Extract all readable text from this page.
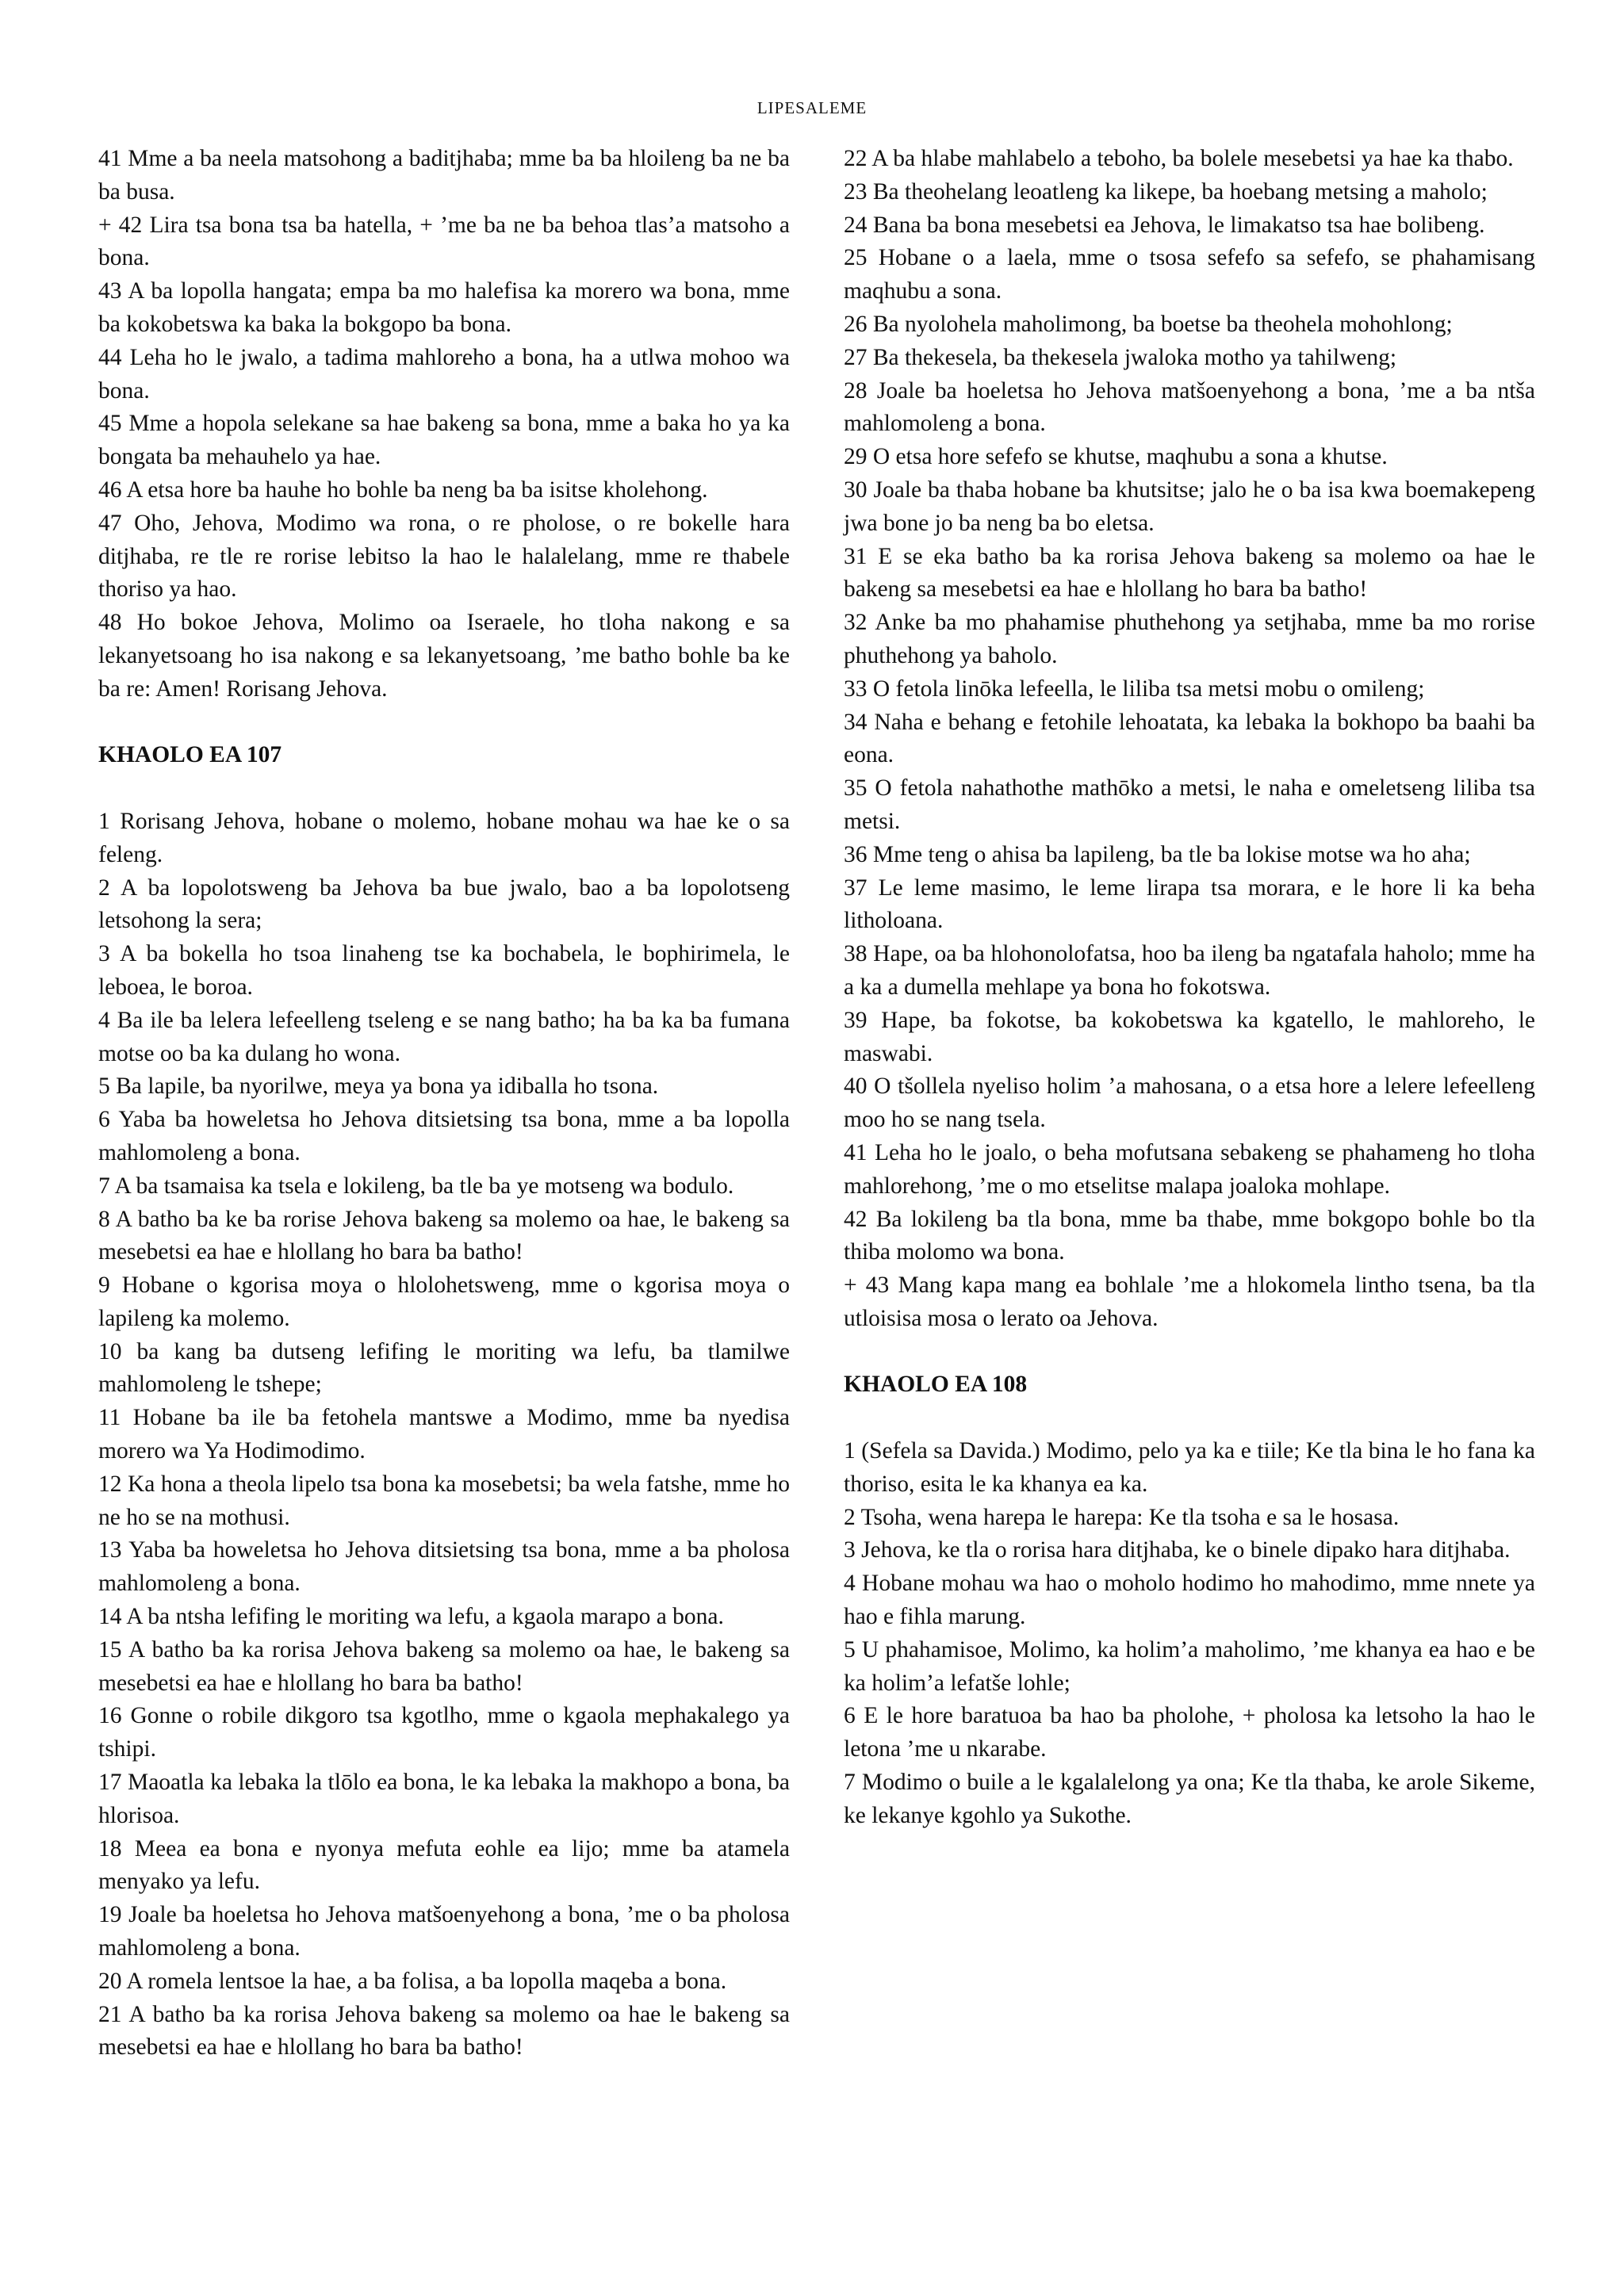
LIPESALEME

41 Mme a ba neela matsohong a baditjhaba; mme ba ba hloileng ba ne ba ba busa.

+ 42 Lira tsa bona tsa ba hatella, + ’me ba ne ba behoa tlas’a matsoho a bona.

43 A ba lopolla hangata; empa ba mo halefisa ka morero wa bona, mme ba kokobetswa ka baka la bokgopo ba bona.

44 Leha ho le jwalo, a tadima mahloreho a bona, ha a utlwa mohoo wa bona.

45 Mme a hopola selekane sa hae bakeng sa bona, mme a baka ho ya ka bongata ba mehauhelo ya hae.

46 A etsa hore ba hauhe ho bohle ba neng ba ba isitse kholehong.

47 Oho, Jehova, Modimo wa rona, o re pholose, o re bokelle hara ditjhaba, re tle re rorise lebitso la hao le halalelang, mme re thabele thoriso ya hao.

48 Ho bokoe Jehova, Molimo oa Iseraele, ho tloha nakong e sa lekanyetsoang ho isa nakong e sa lekanyetsoang, ’me batho bohle ba ke ba re: Amen! Rorisang Jehova.

KHAOLO EA 107

1 Rorisang Jehova, hobane o molemo, hobane mohau wa hae ke o sa feleng.

2 A ba lopolotsweng ba Jehova ba bue jwalo, bao a ba lopolotseng letsohong la sera;

3 A ba bokella ho tsoa linaheng tse ka bochabela, le bophirimela, le leboea, le boroa.

4 Ba ile ba lelera lefeelleng tseleng e se nang batho; ha ba ka ba fumana motse oo ba ka dulang ho wona.

5 Ba lapile, ba nyorilwe, meya ya bona ya idiballa ho tsona.

6 Yaba ba howeletsa ho Jehova ditsietsing tsa bona, mme a ba lopolla mahlomoleng a bona.

7 A ba tsamaisa ka tsela e lokileng, ba tle ba ye motseng wa bodulo.

8 A batho ba ke ba rorise Jehova bakeng sa molemo oa hae, le bakeng sa mesebetsi ea hae e hlollang ho bara ba batho!

9 Hobane o kgorisa moya o hlolohetsweng, mme o kgorisa moya o lapileng ka molemo.

10 ba kang ba dutseng lefifing le moriting wa lefu, ba tlamilwe mahlomoleng le tshepe;

11 Hobane ba ile ba fetohela mantswe a Modimo, mme ba nyedisa morero wa Ya Hodimodimo.

12 Ka hona a theola lipelo tsa bona ka mosebetsi; ba wela fatshe, mme ho ne ho se na mothusi.

13 Yaba ba howeletsa ho Jehova ditsietsing tsa bona, mme a ba pholosa mahlomoleng a bona.

14 A ba ntsha lefifing le moriting wa lefu, a kgaola marapo a bona.

15 A batho ba ka rorisa Jehova bakeng sa molemo oa hae, le bakeng sa mesebetsi ea hae e hlollang ho bara ba batho!

16 Gonne o robile dikgoro tsa kgotlho, mme o kgaola mephakalego ya tshipi.

17 Maoatla ka lebaka la tlōlo ea bona, le ka lebaka la makhopo a bona, ba hlorisoa.

18 Meea ea bona e nyonya mefuta eohle ea lijo; mme ba atamela menyako ya lefu.

19 Joale ba hoeletsa ho Jehova matšoenyehong a bona, ’me o ba pholosa mahlomoleng a bona.

20 A romela lentsoe la hae, a ba folisa, a ba lopolla maqeba a bona.

21 A batho ba ka rorisa Jehova bakeng sa molemo oa hae le bakeng sa mesebetsi ea hae e hlollang ho bara ba batho!

22 A ba hlabe mahlabelo a teboho, ba bolele mesebetsi ya hae ka thabo.

23 Ba theohelang leoatleng ka likepe, ba hoebang metsing a maholo;

24 Bana ba bona mesebetsi ea Jehova, le limakatso tsa hae bolibeng.

25 Hobane o a laela, mme o tsosa sefefo sa sefefo, se phahamisang maqhubu a sona.

26 Ba nyolohela maholimong, ba boetse ba theohela mohohlong;

27 Ba thekesela, ba thekesela jwaloka motho ya tahilweng;

28 Joale ba hoeletsa ho Jehova matšoenyehong a bona, ’me a ba ntša mahlomoleng a bona.

29 O etsa hore sefefo se khutse, maqhubu a sona a khutse.

30 Joale ba thaba hobane ba khutsitse; jalo he o ba isa kwa boemakepeng jwa bone jo ba neng ba bo eletsa.

31 E se eka batho ba ka rorisa Jehova bakeng sa molemo oa hae le bakeng sa mesebetsi ea hae e hlollang ho bara ba batho!

32 Anke ba mo phahamise phuthehong ya setjhaba, mme ba mo rorise phuthehong ya baholo.

33 O fetola linōka lefeella, le liliba tsa metsi mobu o omileng;

34 Naha e behang e fetohile lehoatata, ka lebaka la bokhopo ba baahi ba eona.

35 O fetola nahathothe mathōko a metsi, le naha e omeletseng liliba tsa metsi.

36 Mme teng o ahisa ba lapileng, ba tle ba lokise motse wa ho aha;

37 Le leme masimo, le leme lirapa tsa morara, e le hore li ka beha litholoana.

38 Hape, oa ba hlohonolofatsa, hoo ba ileng ba ngatafala haholo; mme ha a ka a dumella mehlape ya bona ho fokotswa.

39 Hape, ba fokotse, ba kokobetswa ka kgatello, le mahloreho, le maswabi.

40 O tšollela nyeliso holim ’a mahosana, o a etsa hore a lelere lefeelleng moo ho se nang tsela.

41 Leha ho le joalo, o beha mofutsana sebakeng se phahameng ho tloha mahlorehong, ’me o mo etselitse malapa joaloka mohlape.

42 Ba lokileng ba tla bona, mme ba thabe, mme bokgopo bohle bo tla thiba molomo wa bona.

+ 43 Mang kapa mang ea bohlale ’me a hlokomela lintho tsena, ba tla utloisisa mosa o lerato oa Jehova.

KHAOLO EA 108

1 (Sefela sa Davida.) Modimo, pelo ya ka e tiile; Ke tla bina le ho fana ka thoriso, esita le ka khanya ea ka.

2 Tsoha, wena harepa le harepa: Ke tla tsoha e sa le hosasa.

3 Jehova, ke tla o rorisa hara ditjhaba, ke o binele dipako hara ditjhaba.

4 Hobane mohau wa hao o moholo hodimo ho mahodimo, mme nnete ya hao e fihla marung.

5 U phahamisoe, Molimo, ka holim’a maholimo, ’me khanya ea hao e be ka holim’a lefatše lohle;

6 E le hore baratuoa ba hao ba pholohe, + pholosa ka letsoho la hao le letona ’me u nkarabe.

7 Modimo o buile a le kgalalelong ya ona; Ke tla thaba, ke arole Sikeme, ke lekanye kgohlo ya Sukothe.
